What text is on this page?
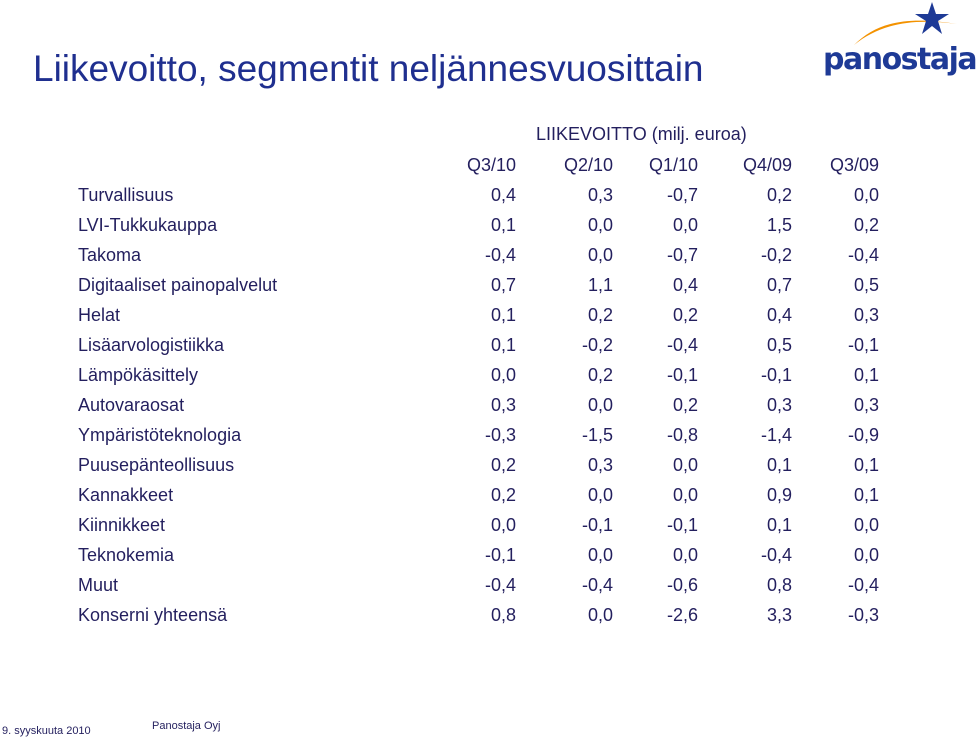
Liikevoitto, segmentit neljännesvuosittain	panostaja
LIIKEVOITTO (milj. euroa)
Q3/10	Q2/10	Q1/10	Q4/09	Q3/09
Turvallisuus	0,4	0,3	-0,7	0,2	0,0
LVI-Tukkukauppa	0,1	0,0	0,0	1,5	0,2
Takoma	-0,4	0,0	-0,7	-0,2	-0,4
Digitaaliset painopalvelut	0,7	1,1	0,4	0,7	0,5
Helat	0,1	0,2	0,2	0,4	0,3
Lisäarvologistiikka	0,1	-0,2	-0,4	0,5	-0,1
Lämpökäsittely	0,0	0,2	-0,1	-0,1	0,1
Autovaraosat	0,3	0,0	0,2	0,3	0,3
Ympäristöteknologia	-0,3	-1,5	-0,8	-1,4	-0,9
Puusepänteollisuus	0,2	0,3	0,0	0,1	0,1
Kannakkeet	0,2	0,0	0,0	0,9	0,1
Kiinnikkeet	0,0	-0,1	-0,1	0,1	0,0
Teknokemia	-0,1	0,0	0,0	-0,4	0,0
Muut	-0,4	-0,4	-0,6	0,8	-0,4
Konserni yhteensä	0,8	0,0	-2,6	3,3	-0,3
9. syyskuuta 2010	Panostaja Oyj
